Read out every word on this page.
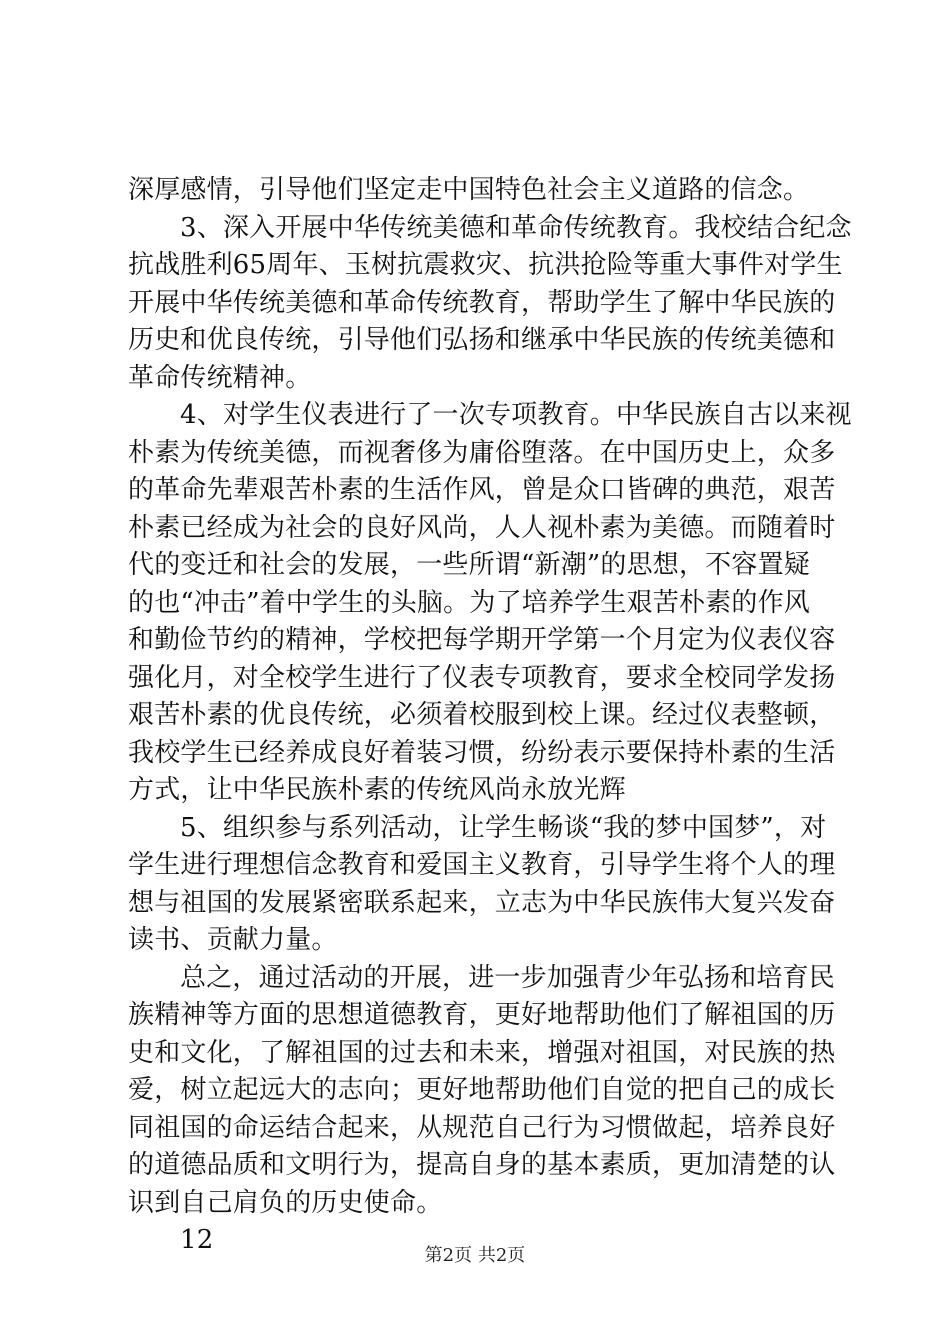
深厚感情，引导他们坚定走中国特色社会主义道路的信念。
3、深入开展中华传统美德和革命传统教育。我校结合纪念
抗战胜利65周年、玉树抗震救灾、抗洪抢险等重大事件对学生
开展中华传统美德和革命传统教育，帮助学生了解中华民族的
历史和优良传统，引导他们弘扬和继承中华民族的传统美德和
革命传统精神。
4、对学生仪表进行了一次专项教育。中华民族自古以来视
朴素为传统美德，而视奢侈为庸俗堕落。在中国历史上，众多
的革命先辈艰苦朴素的生活作风，曾是众口皆碑的典范，艰苦
朴素已经成为社会的良好风尚，人人视朴素为美德。而随着时
代的变迁和社会的发展，一些所谓“新潮”的思想，不容置疑
的也“冲击”着中学生的头脑。为了培养学生艰苦朴素的作风
和勤俭节约的精神，学校把每学期开学第一个月定为仪表仪容
强化月，对全校学生进行了仪表专项教育，要求全校同学发扬
艰苦朴素的优良传统，必须着校服到校上课。经过仪表整顿，
我校学生已经养成良好着装习惯，纷纷表示要保持朴素的生活
方式，让中华民族朴素的传统风尚永放光辉
5、组织参与系列活动，让学生畅谈“我的梦中国梦”，对
学生进行理想信念教育和爱国主义教育，引导学生将个人的理
想与祖国的发展紧密联系起来，立志为中华民族伟大复兴发奋
读书、贡献力量。
总之，通过活动的开展，进一步加强青少年弘扬和培育民
族精神等方面的思想道德教育，更好地帮助他们了解祖国的历
史和文化，了解祖国的过去和未来，增强对祖国，对民族的热
爱，树立起远大的志向；更好地帮助他们自觉的把自己的成长
同祖国的命运结合起来，从规范自己行为习惯做起，培养良好
的道德品质和文明行为，提高自身的基本素质，更加清楚的认
识到自己肩负的历史使命。
12
第2页 共2页
